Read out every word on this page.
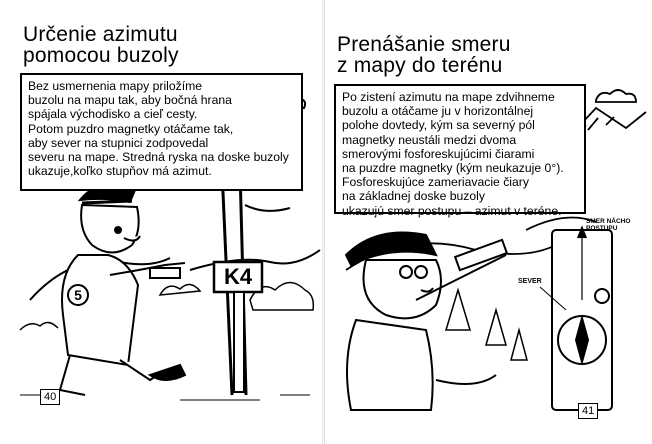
Určenie azimutu
pomocou buzoly
K4
5
Bez usmernenia mapy priložíme
buzolu na mapu tak, aby bočná hrana
spájala východisko a cieľ cesty.
Potom puzdro magnetky otáčame tak,
aby sever na stupnici zodpovedal
severu na mape. Stredná ryska na doske buzoly
ukazuje,koľko stupňov má azimut.
40
Prenášanie smeru
z mapy do terénu
Po zistení azimutu na mape zdvihneme
buzolu a otáčame ju v horizontálnej
polohe dovtedy, kým sa severný pól
magnetky neustáli medzi dvoma
smerovými fosforeskujúcimi čiarami
na puzdre magnetky (kým neukazuje 0°).
Fosforeskujúce zameriavacie čiary
na základnej doske buzoly
ukazujú smer postupu – azimut v teréne.
SEVER
SMER NÁCHO
POSTUPU
41
